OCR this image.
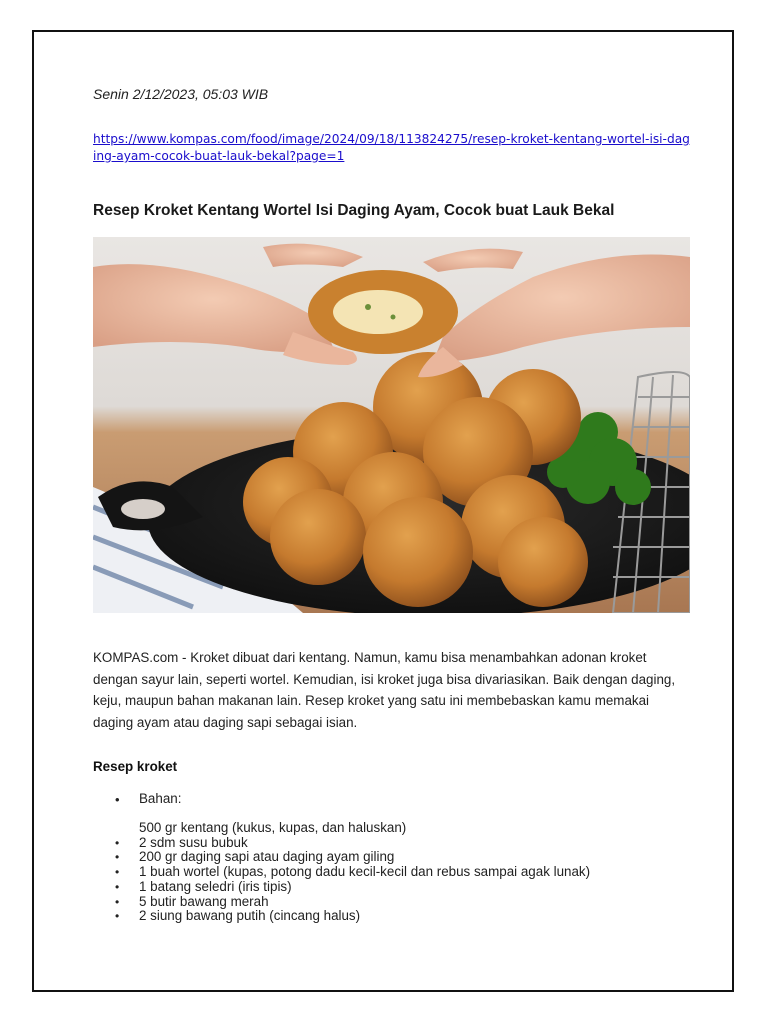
Senin 2/12/2023, 05:03 WIB
https://www.kompas.com/food/image/2024/09/18/113824275/resep-kroket-kentang-wortel-isi-daging-ayam-cocok-buat-lauk-bekal?page=1
Resep Kroket Kentang Wortel Isi Daging Ayam, Cocok buat Lauk Bekal

KOMPAS.com - Kroket dibuat dari kentang. Namun, kamu bisa menambahkan adonan kroket dengan sayur lain, seperti wortel. Kemudian, isi kroket juga bisa divariasikan. Baik dengan daging, keju, maupun bahan makanan lain. Resep kroket yang satu ini membebaskan kamu memakai daging ayam atau daging sapi sebagai isian.

Resep kroket
• Bahan:
500 gr kentang (kukus, kupas, dan haluskan)
• 2 sdm susu bubuk
• 200 gr daging sapi atau daging ayam giling
• 1 buah wortel (kupas, potong dadu kecil-kecil dan rebus sampai agak lunak)
• 1 batang seledri (iris tipis)
• 5 butir bawang merah
• 2 siung bawang putih (cincang halus)
